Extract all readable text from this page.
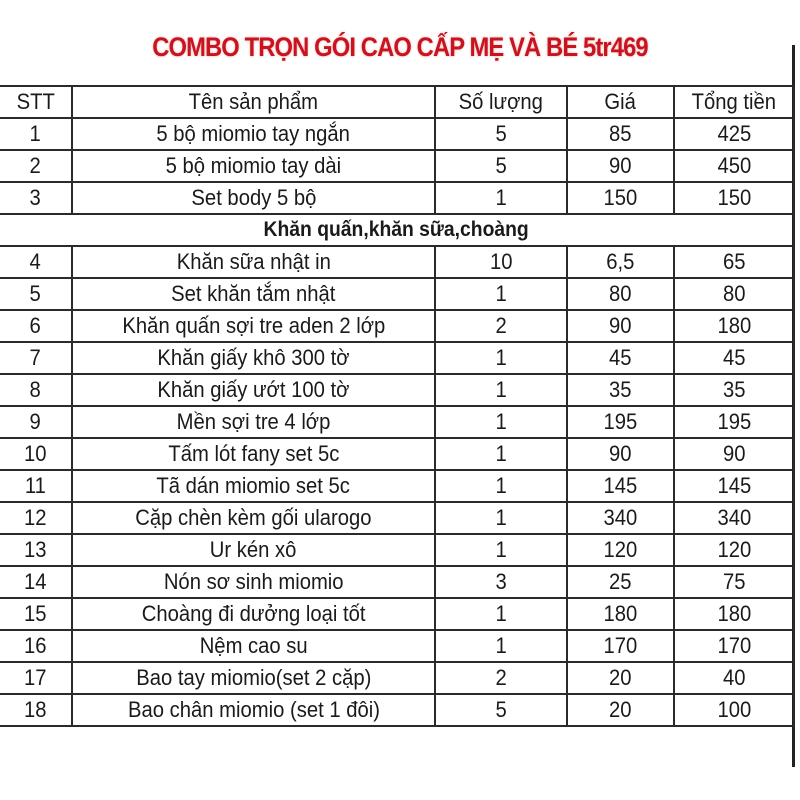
COMBO TRỌN GÓI CAO CẤP MẸ VÀ BÉ 5tr469
STT	Tên sản phẩm	Số lượng	Giá	Tổng tiền
1	5 bộ miomio tay ngắn	5	85	425
2	5 bộ miomio tay dài	5	90	450
3	Set body 5 bộ	1	150	150
Khăn quấn,khăn sữa,choàng				
4	Khăn sữa nhật in	10	6,5	65
5	Set khăn tắm nhật	1	80	80
6	Khăn quấn sợi tre aden 2 lớp	2	90	180
7	Khăn giấy khô 300 tờ	1	45	45
8	Khăn giấy ướt 100 tờ	1	35	35
9	Mền sợi tre 4 lớp	1	195	195
10	Tấm lót fany set 5c	1	90	90
11	Tã dán miomio set 5c	1	145	145
12	Cặp chèn kèm gối ularogo	1	340	340
13	Ur kén xô	1	120	120
14	Nón sơ sinh miomio	3	25	75
15	Choàng đi dưởng loại tốt	1	180	180
16	Nệm cao su	1	170	170
17	Bao tay miomio(set 2 cặp)	2	20	40
18	Bao chân miomio (set 1 đôi)	5	20	100
